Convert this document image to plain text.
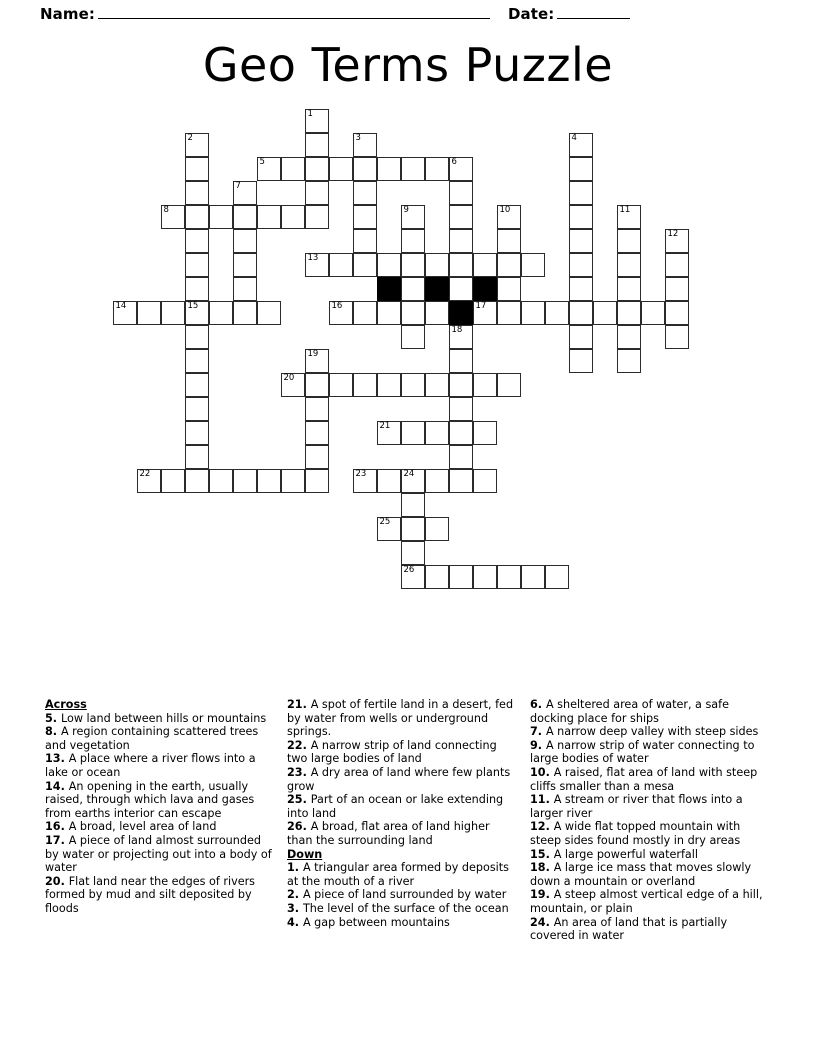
Name:	Date:
Geo Terms Puzzle
5
8
13
14	15	16	17
20
21
22	23	24
25
26
1
2	3	4
6
7
9	10	11
12
18
19
Across

5. Low land between hills or mountains

8. A region containing scattered trees and vegetation

13. A place where a river flows into a lake or ocean

14. An opening in the earth, usually raised, through which lava and gases from earths interior can escape

16. A broad, level area of land

17. A piece of land almost surrounded by water or projecting out into a body of water

20. Flat land near the edges of rivers formed by mud and silt deposited by floods

21. A spot of fertile land in a desert, fed by water from wells or underground springs.

22. A narrow strip of land connecting two large bodies of land

23. A dry area of land where few plants grow

25. Part of an ocean or lake extending into land

26. A broad, flat area of land higher than the surrounding land

Down

1. A triangular area formed by deposits at the mouth of a river

2. A piece of land surrounded by water

3. The level of the surface of the ocean

4. A gap between mountains

6. A sheltered area of water, a safe docking place for ships

7. A narrow deep valley with steep sides

9. A narrow strip of water connecting to large bodies of water

10. A raised, flat area of land with steep cliffs smaller than a mesa

11. A stream or river that flows into a larger river

12. A wide flat topped mountain with steep sides found mostly in dry areas

15. A large powerful waterfall

18. A large ice mass that moves slowly down a mountain or overland

19. A steep almost vertical edge of a hill, mountain, or plain

24. An area of land that is partially covered in water
